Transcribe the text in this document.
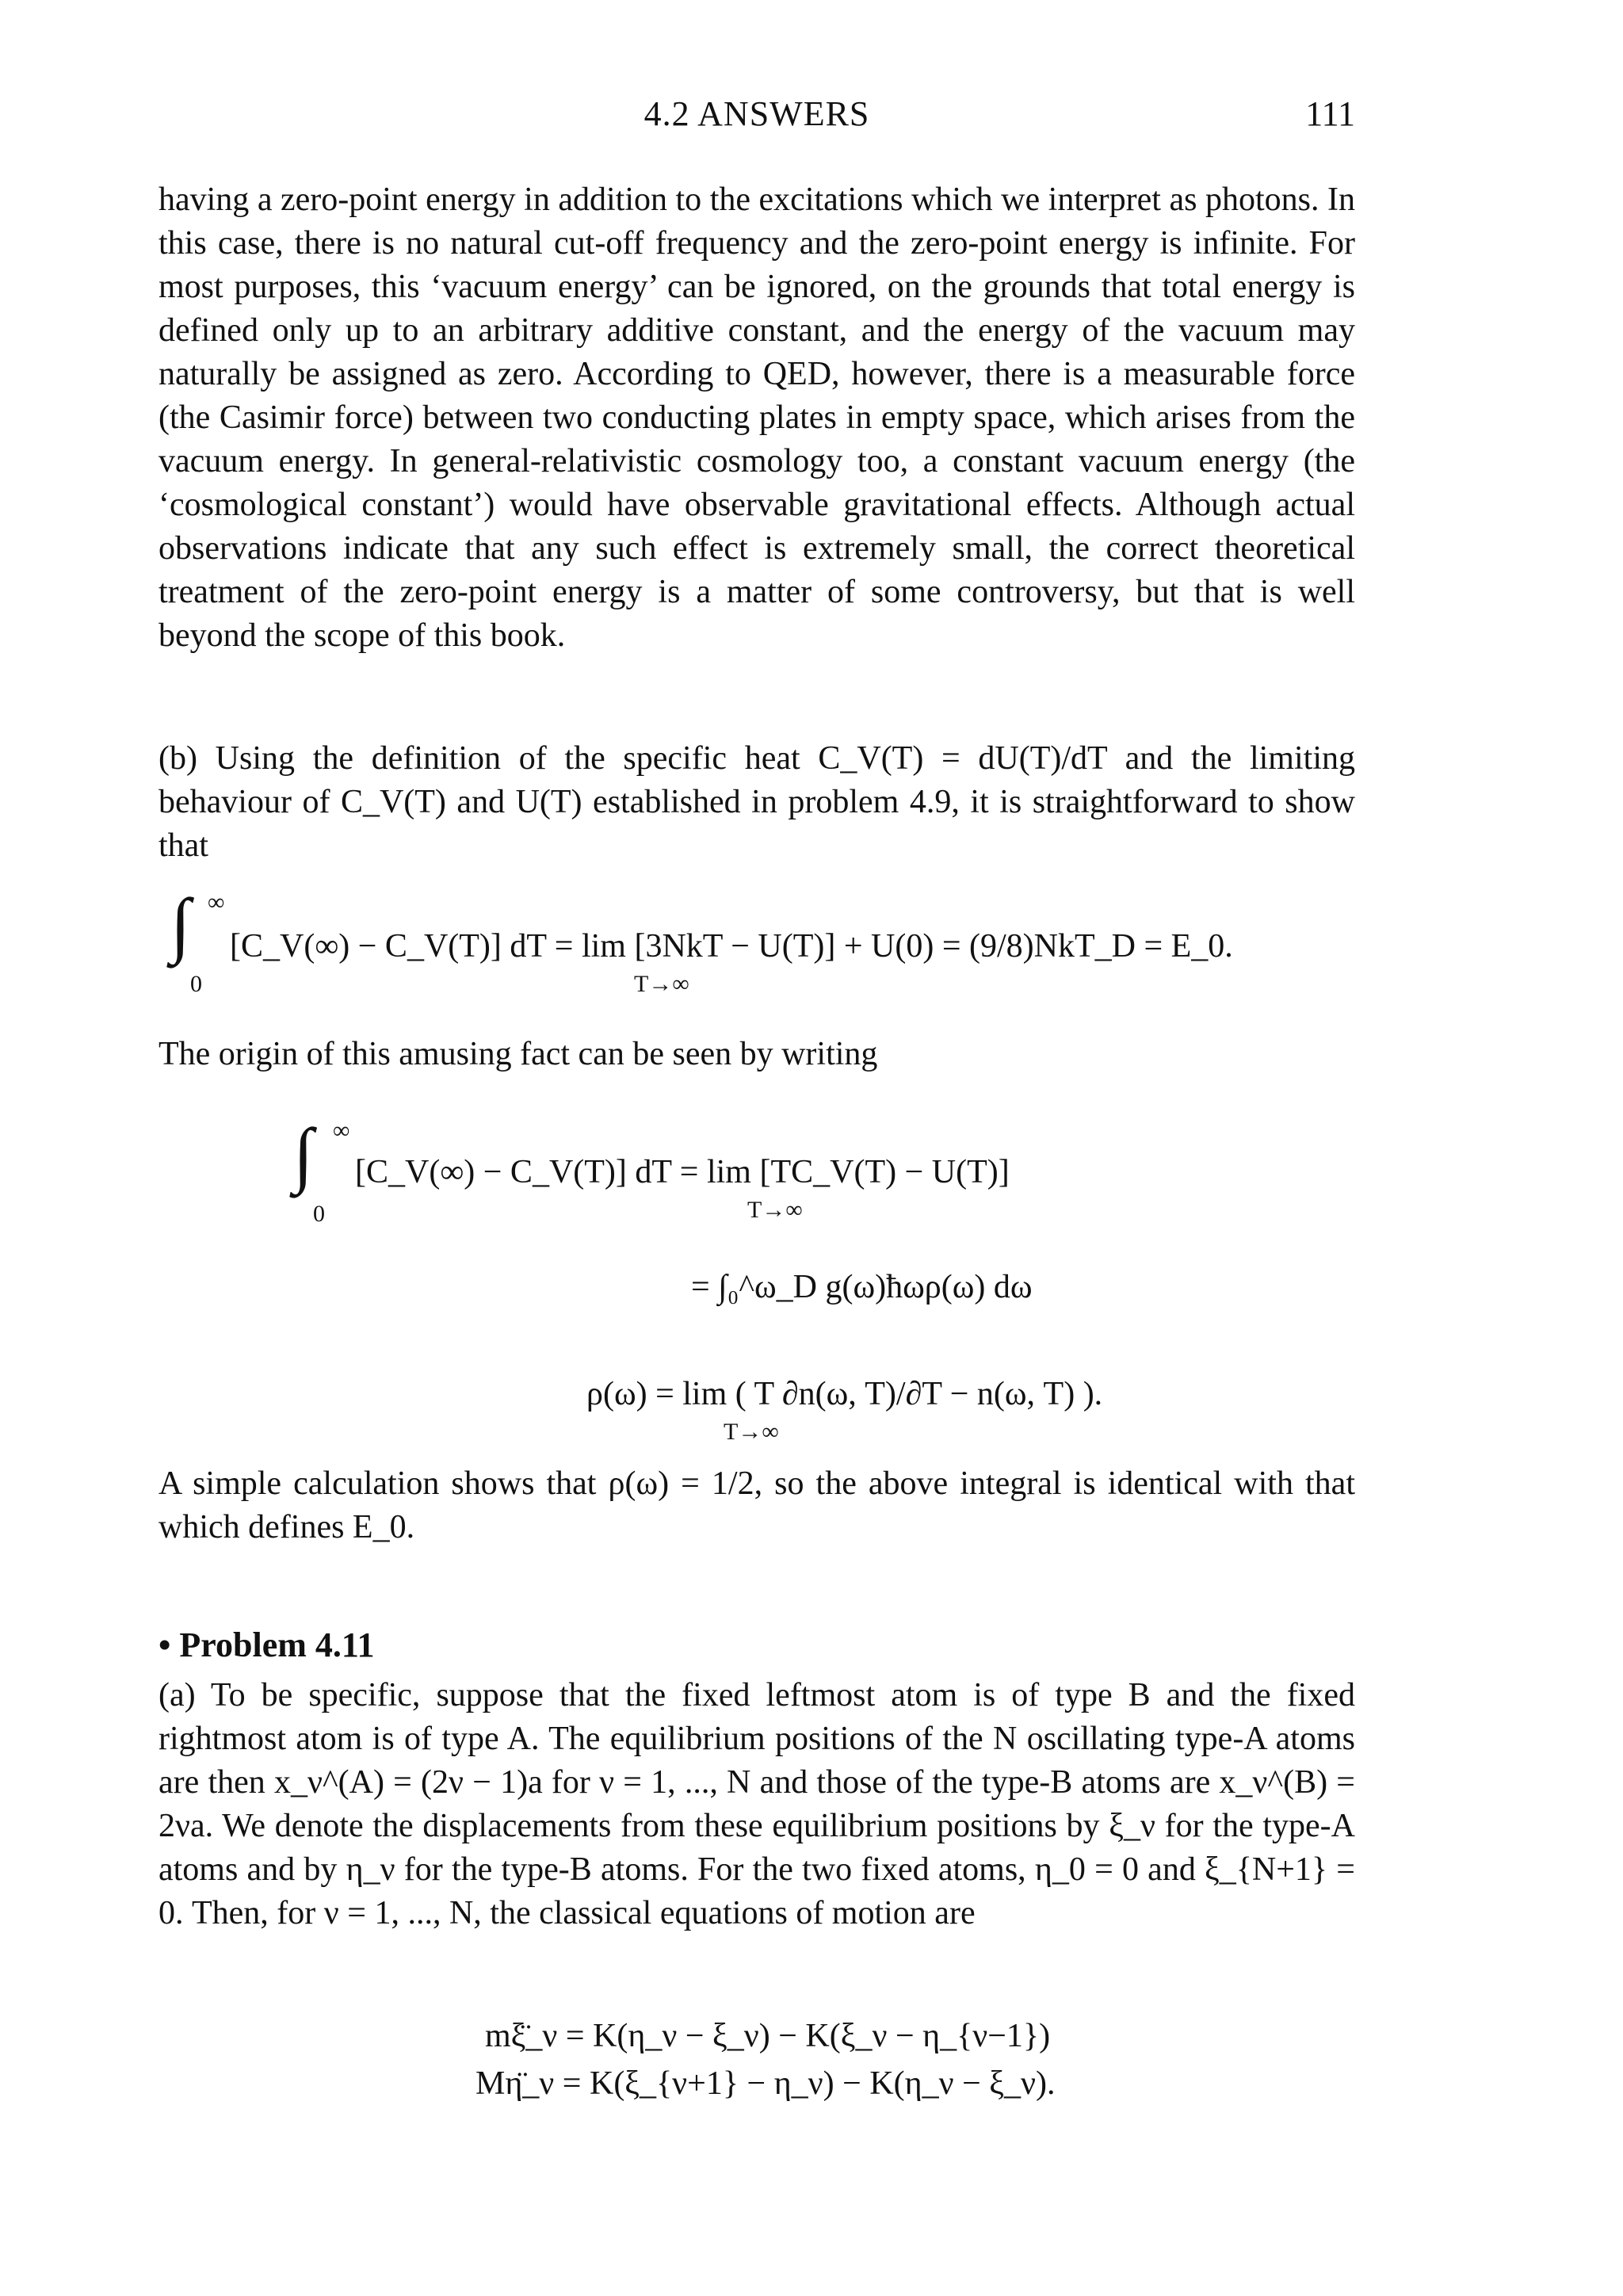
4.2 ANSWERS	111

having a zero-point energy in addition to the excitations which we interpret as photons. In this case, there is no natural cut-off frequency and the zero-point energy is infinite. For most purposes, this ‘vacuum energy’ can be ignored, on the grounds that total energy is defined only up to an arbitrary additive constant, and the energy of the vacuum may naturally be assigned as zero. According to QED, however, there is a measurable force (the Casimir force) between two conducting plates in empty space, which arises from the vacuum energy. In general-relativistic cosmology too, a constant vacuum energy (the ‘cosmological constant’) would have observable gravitational effects. Although actual observations indicate that any such effect is extremely small, the correct theoretical treatment of the zero-point energy is a matter of some controversy, but that is well beyond the scope of this book.

(b) Using the definition of the specific heat C_V(T) = dU(T)/dT and the limiting behaviour of C_V(T) and U(T) established in problem 4.9, it is straightforward to show that

∫ ∞
0
[C_V(∞) − C_V(T)] dT = lim [3NkT − U(T)] + U(0) = (9/8)NkT_D = E_0.
T→∞

The origin of this amusing fact can be seen by writing

∫ ∞
0
[C_V(∞) − C_V(T)] dT = lim [TC_V(T) − U(T)]
T→∞
= ∫₀^ω_D g(ω)ħωρ(ω) dω
ρ(ω) = lim ( T ∂n(ω, T)/∂T − n(ω, T) ).
T→∞

A simple calculation shows that ρ(ω) = 1/2, so the above integral is identical with that which defines E_0.

• Problem 4.11

(a) To be specific, suppose that the fixed leftmost atom is of type B and the fixed rightmost atom is of type A. The equilibrium positions of the N oscillating type-A atoms are then x_ν^(A) = (2ν − 1)a for ν = 1, ..., N and those of the type-B atoms are x_ν^(B) = 2νa. We denote the displacements from these equilibrium positions by ξ_ν for the type-A atoms and by η_ν for the type-B atoms. For the two fixed atoms, η_0 = 0 and ξ_{N+1} = 0. Then, for ν = 1, ..., N, the classical equations of motion are

mξ̈_ν = K(η_ν − ξ_ν) − K(ξ_ν − η_{ν−1})
Mη̈_ν = K(ξ_{ν+1} − η_ν) − K(η_ν − ξ_ν).
